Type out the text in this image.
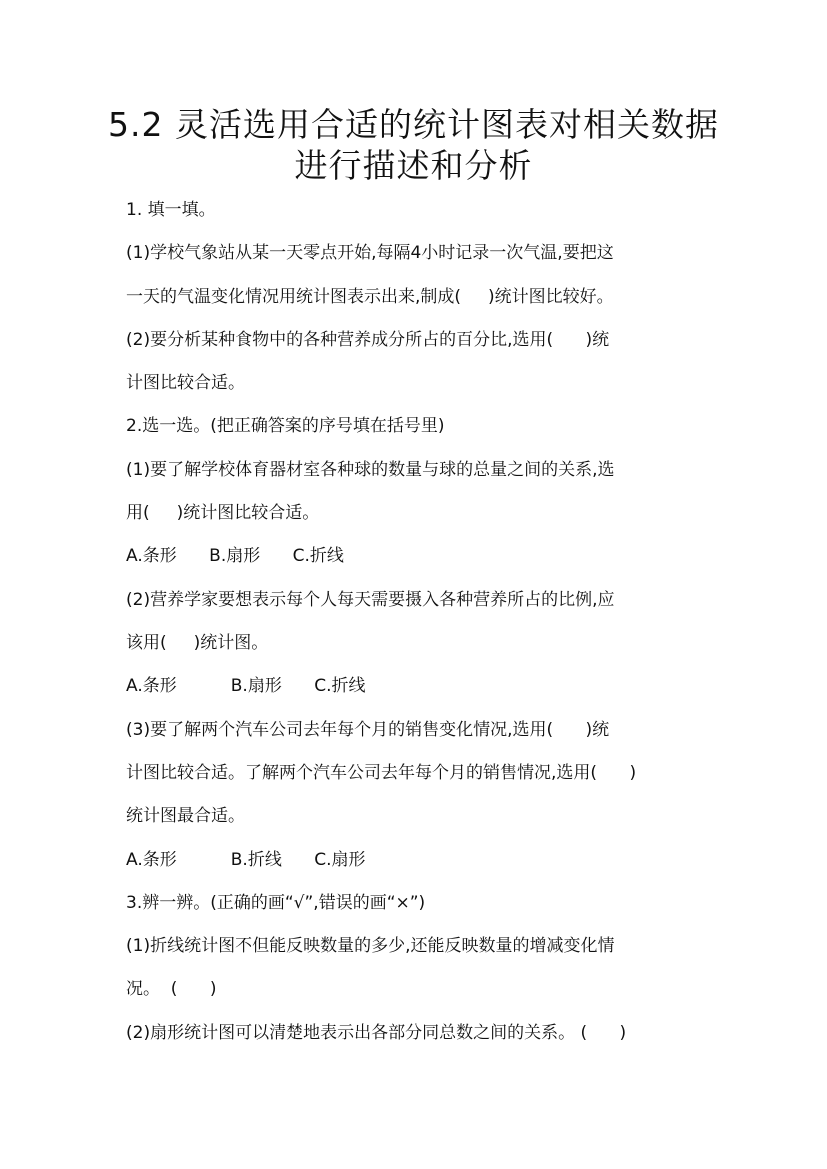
5.2 灵活选用合适的统计图表对相关数据
进行描述和分析
1. 填一填。
(1)学校气象站从某一天零点开始,每隔4小时记录一次气温,要把这
一天的气温变化情况用统计图表示出来,制成(     )统计图比较好。
(2)要分析某种食物中的各种营养成分所占的百分比,选用(      )统
计图比较合适。
2.选一选。(把正确答案的序号填在括号里)
(1)要了解学校体育器材室各种球的数量与球的总量之间的关系,选
用(     )统计图比较合适。
A.条形      B.扇形      C.折线
(2)营养学家要想表示每个人每天需要摄入各种营养所占的比例,应
该用(     )统计图。
A.条形          B.扇形      C.折线
(3)要了解两个汽车公司去年每个月的销售变化情况,选用(      )统
计图比较合适。了解两个汽车公司去年每个月的销售情况,选用(      )
统计图最合适。
A.条形          B.折线      C.扇形
3.辨一辨。(正确的画“√”,错误的画“×”)
(1)折线统计图不但能反映数量的多少,还能反映数量的增减变化情
况。  (      )
(2)扇形统计图可以清楚地表示出各部分同总数之间的关系。 (      )
